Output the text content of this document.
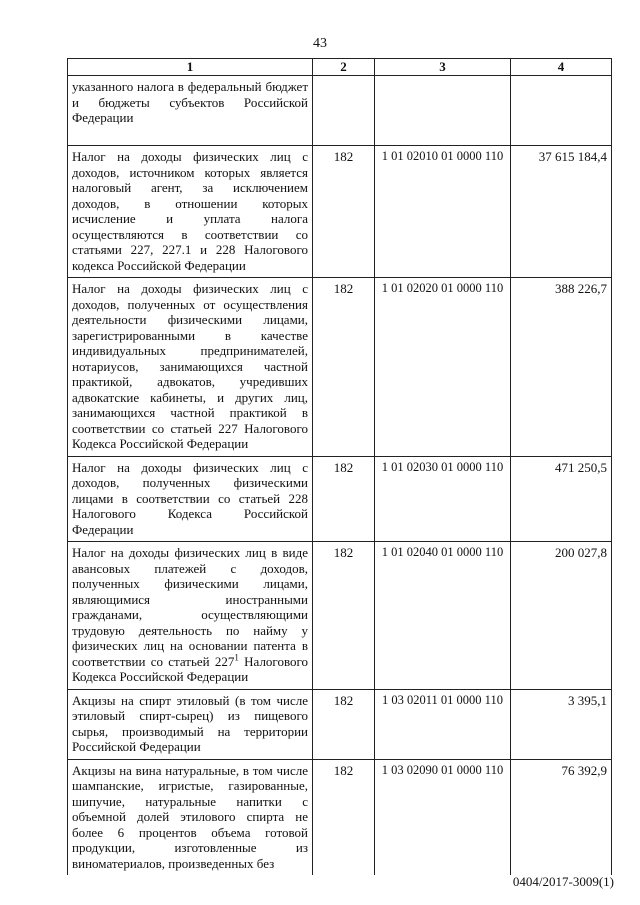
43
1	2	3	4
указанного налога в федеральный бюджет и бюджеты субъектов Российской Федерации			
Налог на доходы физических лиц с доходов, источником которых является налоговый агент, за исключением доходов, в отношении которых исчисление и уплата налога осуществляются в соответствии со статьями 227, 227.1 и 228 Налогового кодекса Российской Федерации	182	1 01 02010 01 0000 110	37 615 184,4
Налог на доходы физических лиц с доходов, полученных от осуществления деятельности физическими лицами, зарегистрированными в качестве индивидуальных предпринимателей, нотариусов, занимающихся частной практикой, адвокатов, учредивших адвокатские кабинеты, и других лиц, занимающихся частной практикой в соответствии со статьей 227 Налогового Кодекса Российской Федерации	182	1 01 02020 01 0000 110	388 226,7
Налог на доходы физических лиц с доходов, полученных физическими лицами в соответствии со статьей 228 Налогового Кодекса Российской Федерации	182	1 01 02030 01 0000 110	471 250,5
Налог на доходы физических лиц в виде авансовых платежей с доходов, полученных физическими лицами, являющимися иностранными гражданами, осуществляющими трудовую деятельность по найму у физических лиц на основании патента в соответствии со статьей $227^1$ Налогового Кодекса Российской Федерации	182	1 01 02040 01 0000 110	200 027,8
Акцизы на спирт этиловый (в том числе этиловый спирт-сырец) из пищевого сырья, производимый на территории Российской Федерации	182	1 03 02011 01 0000 110	3 395,1
Акцизы на вина натуральные, в том числе шампанские, игристые, газированные, шипучие, натуральные напитки с объемной долей этилового спирта не более 6 процентов объема готовой продукции, изготовленные из виноматериалов, произведенных без	182	1 03 02090 01 0000 110	76 392,9
0404/2017-3009(1)
